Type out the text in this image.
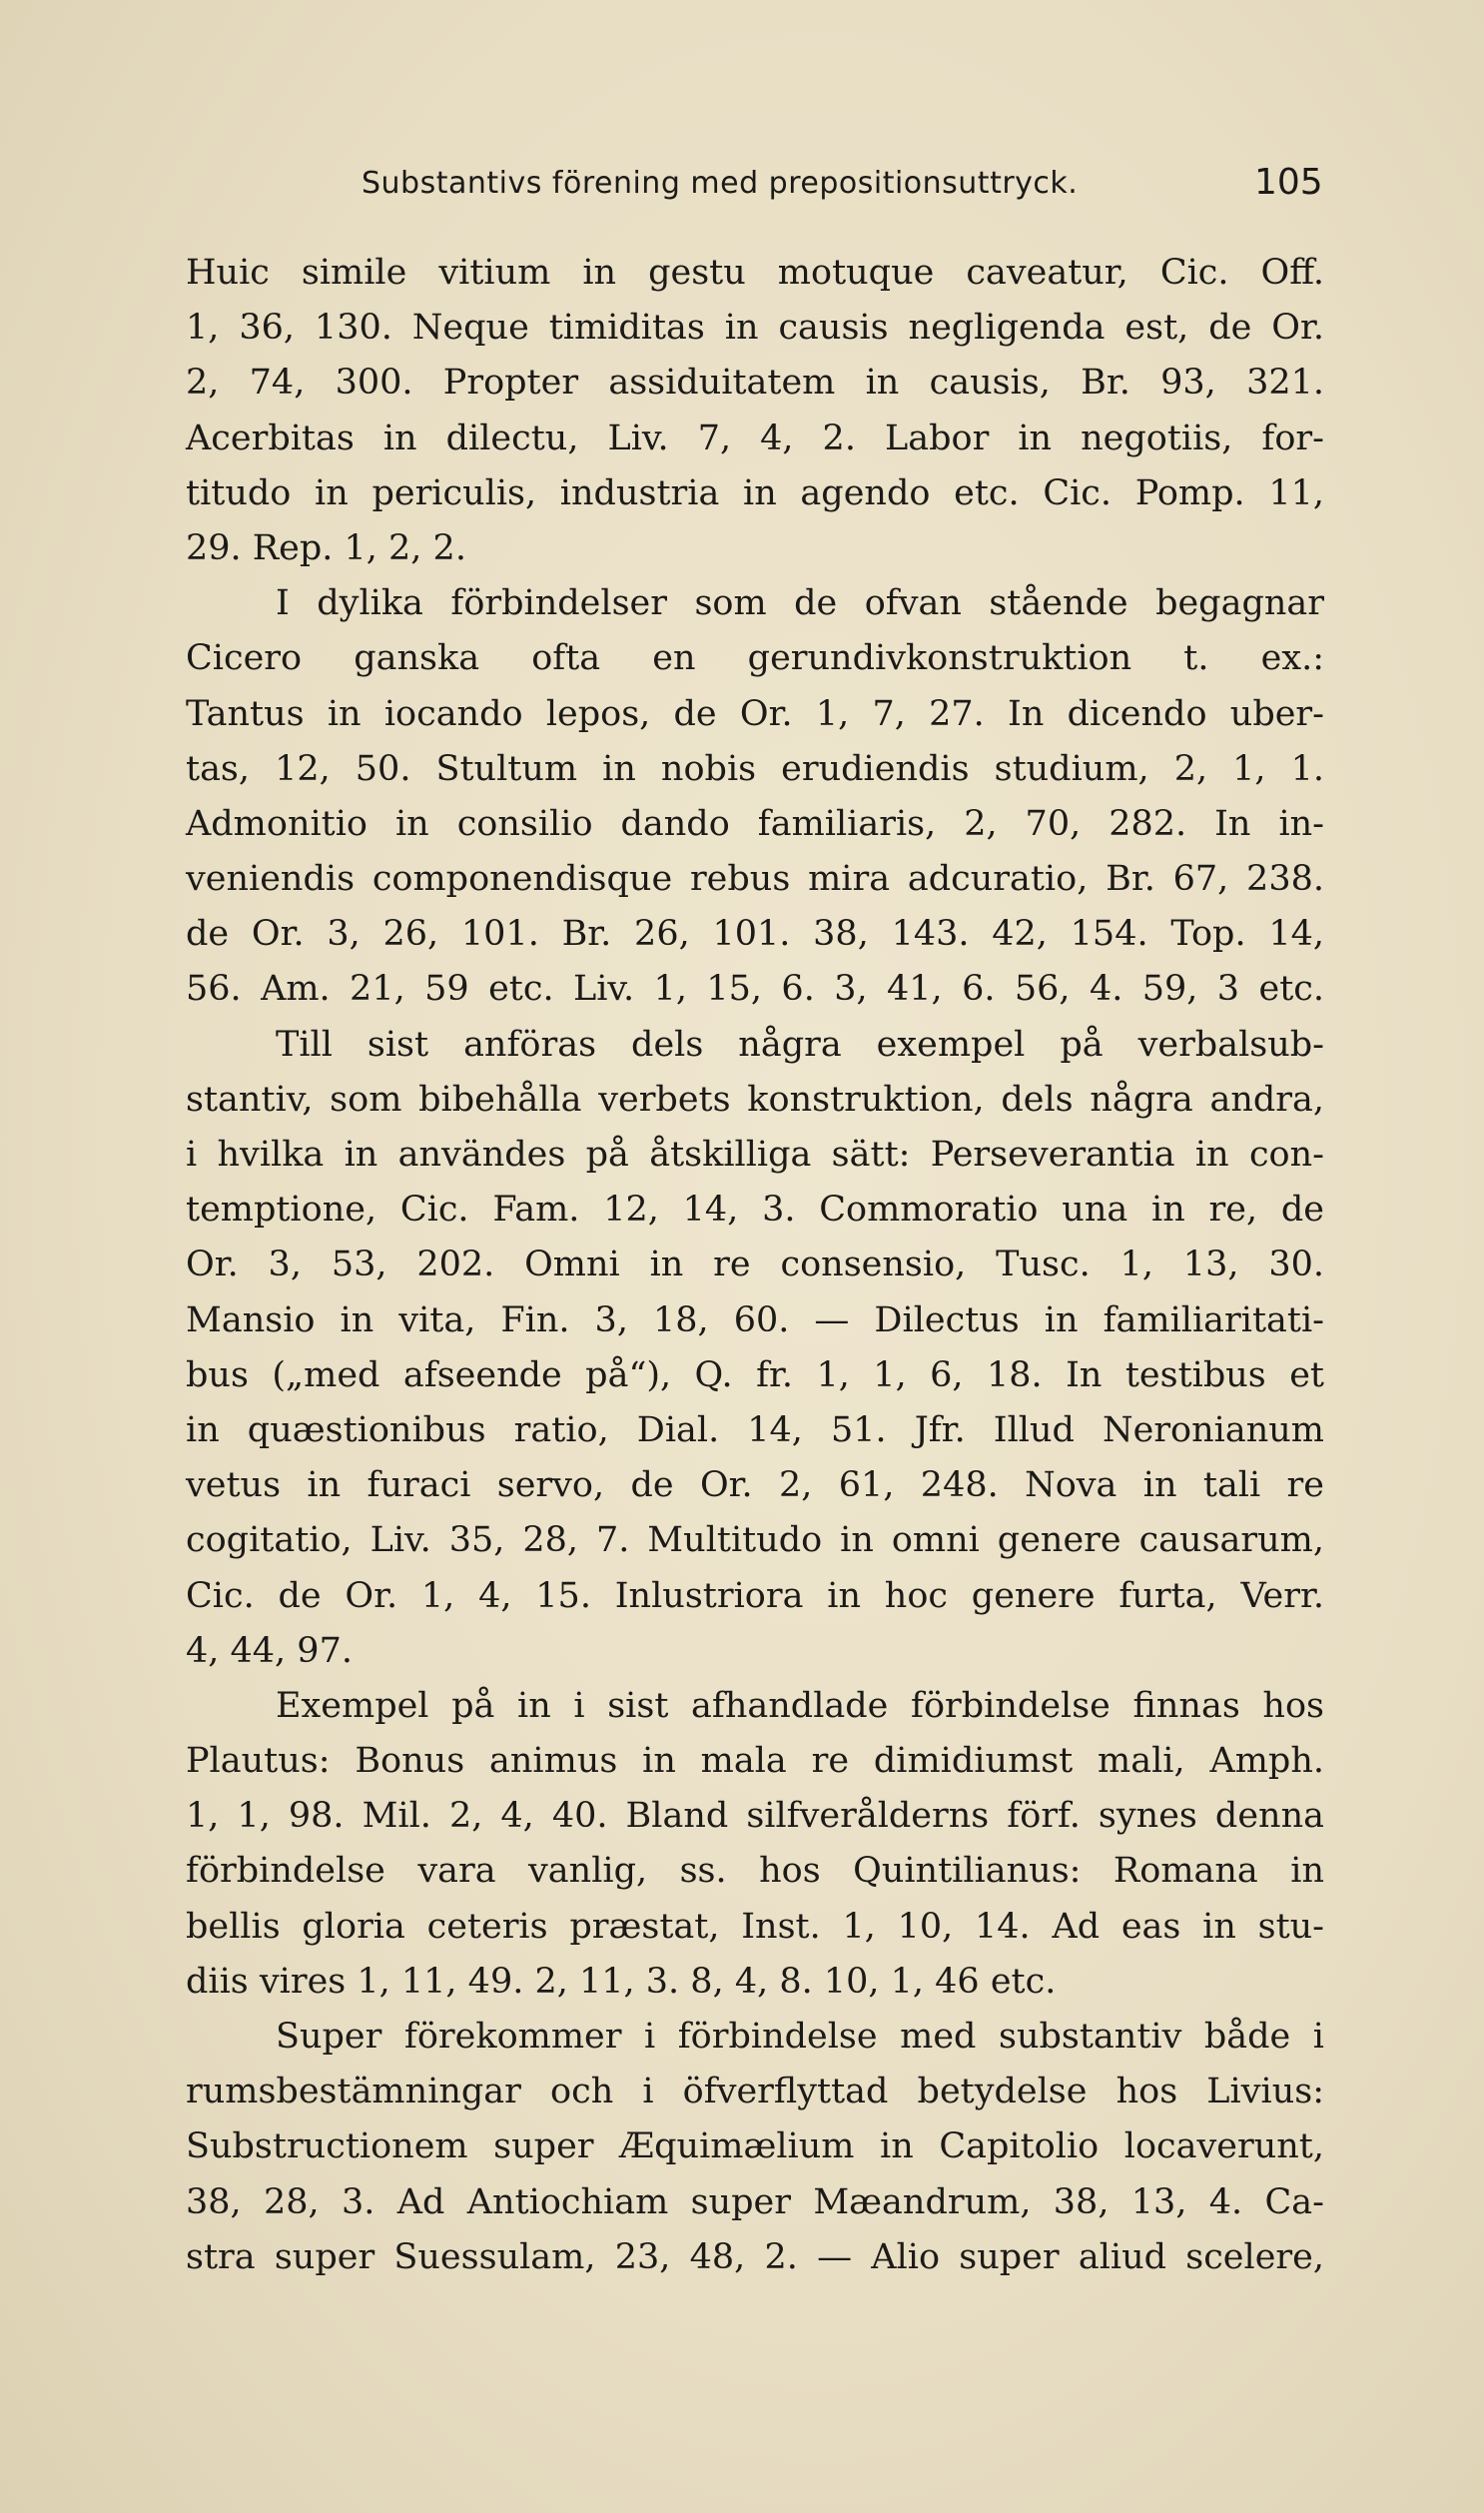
Substantivs förening med prepositionsuttryck.	105
Huic simile vitium in gestu motuque caveatur, Cic. Off.
1, 36, 130. Neque timiditas in causis negligenda est, de Or.
2, 74, 300. Propter assiduitatem in causis, Br. 93, 321.
Acerbitas in dilectu, Liv. 7, 4, 2. Labor in negotiis, for-
titudo in periculis, industria in agendo etc. Cic. Pomp. 11,
29. Rep. 1, 2, 2.
I dylika förbindelser som de ofvan stående begagnar
Cicero ganska ofta en gerundivkonstruktion t. ex.:
Tantus in iocando lepos, de Or. 1, 7, 27. In dicendo uber-
tas, 12, 50. Stultum in nobis erudiendis studium, 2, 1, 1.
Admonitio in consilio dando familiaris, 2, 70, 282. In in-
veniendis componendisque rebus mira adcuratio, Br. 67, 238.
de Or. 3, 26, 101. Br. 26, 101. 38, 143. 42, 154. Top. 14,
56. Am. 21, 59 etc. Liv. 1, 15, 6. 3, 41, 6. 56, 4. 59, 3 etc.
Till sist anföras dels några exempel på verbalsub-
stantiv, som bibehålla verbets konstruktion, dels några andra,
i hvilka in användes på åtskilliga sätt: Perseverantia in con-
temptione, Cic. Fam. 12, 14, 3. Commoratio una in re, de
Or. 3, 53, 202. Omni in re consensio, Tusc. 1, 13, 30.
Mansio in vita, Fin. 3, 18, 60. — Dilectus in familiaritati-
bus („med afseende på“), Q. fr. 1, 1, 6, 18. In testibus et
in quæstionibus ratio, Dial. 14, 51. Jfr. Illud Neronianum
vetus in furaci servo, de Or. 2, 61, 248. Nova in tali re
cogitatio, Liv. 35, 28, 7. Multitudo in omni genere causarum,
Cic. de Or. 1, 4, 15. Inlustriora in hoc genere furta, Verr.
4, 44, 97.
Exempel på in i sist afhandlade förbindelse finnas hos
Plautus: Bonus animus in mala re dimidiumst mali, Amph.
1, 1, 98. Mil. 2, 4, 40. Bland silfverålderns förf. synes denna
förbindelse vara vanlig, ss. hos Quintilianus: Romana in
bellis gloria ceteris præstat, Inst. 1, 10, 14. Ad eas in stu-
diis vires 1, 11, 49. 2, 11, 3. 8, 4, 8. 10, 1, 46 etc.
Super förekommer i förbindelse med substantiv både i
rumsbestämningar och i öfverflyttad betydelse hos Livius:
Substructionem super Æquimælium in Capitolio locaverunt,
38, 28, 3. Ad Antiochiam super Mæandrum, 38, 13, 4. Ca-
stra super Suessulam, 23, 48, 2. — Alio super aliud scelere,
